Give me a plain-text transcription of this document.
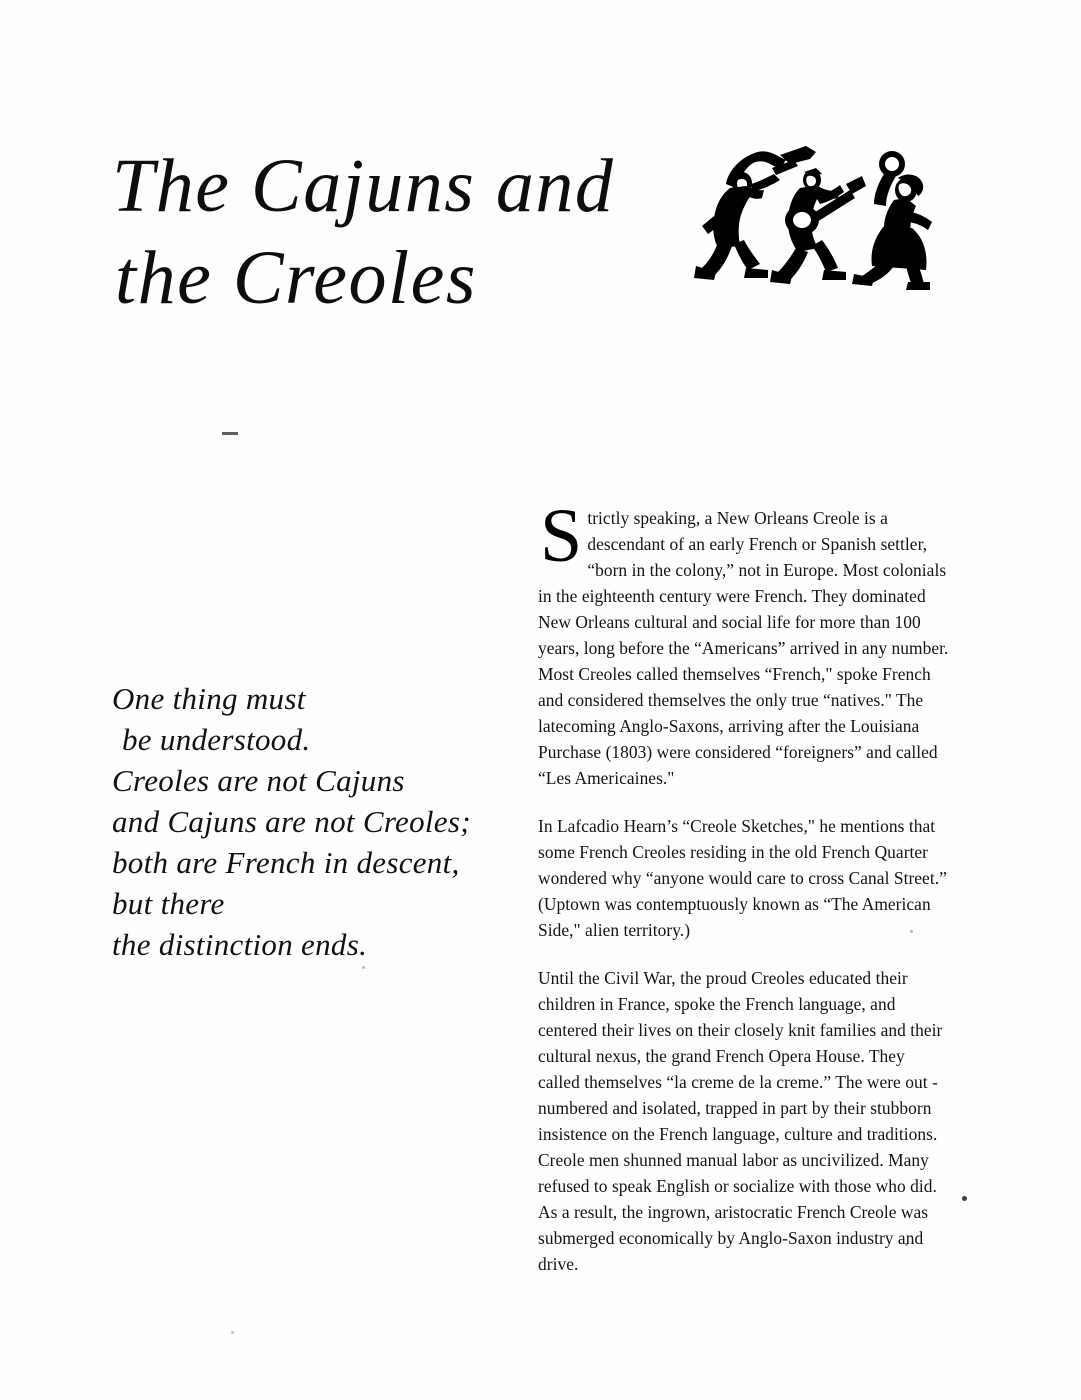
The Cajuns and
the Creoles
One thing must
be understood.
Creoles are not Cajuns
and Cajuns are not Creoles;
both are French in descent,
but there
the distinction ends.

S trictly speaking, a New Orleans Creole is a descendant of an early French or Spanish settler, “born in the colony,” not in Europe. Most colonials in the eighteenth century were French. They dominated New Orleans cultural and social life for more than 100 years, long before the “Americans” arrived in any number. Most Creoles called themselves “French," spoke French and considered themselves the only true “natives." The latecoming Anglo-Saxons, arriving after the Louisiana Purchase (1803) were considered “foreigners” and called “Les Americaines."

In Lafcadio Hearn’s “Creole Sketches," he mentions that some French Creoles residing in the old French Quarter wondered why “anyone would care to cross Canal Street.” (Uptown was contemptuously known as “The American Side," alien territory.)

Until the Civil War, the proud Creoles educated their children in France, spoke the French language, and centered their lives on their closely knit families and their cultural nexus, the grand French Opera House. They called themselves “la creme de la creme.” The were out -numbered and isolated, trapped in part by their stubborn insistence on the French language, culture and traditions. Creole men shunned manual labor as uncivilized. Many refused to speak English or socialize with those who did. As a result, the ingrown, aristocratic French Creole was submerged economically by Anglo-Saxon industry and drive.
